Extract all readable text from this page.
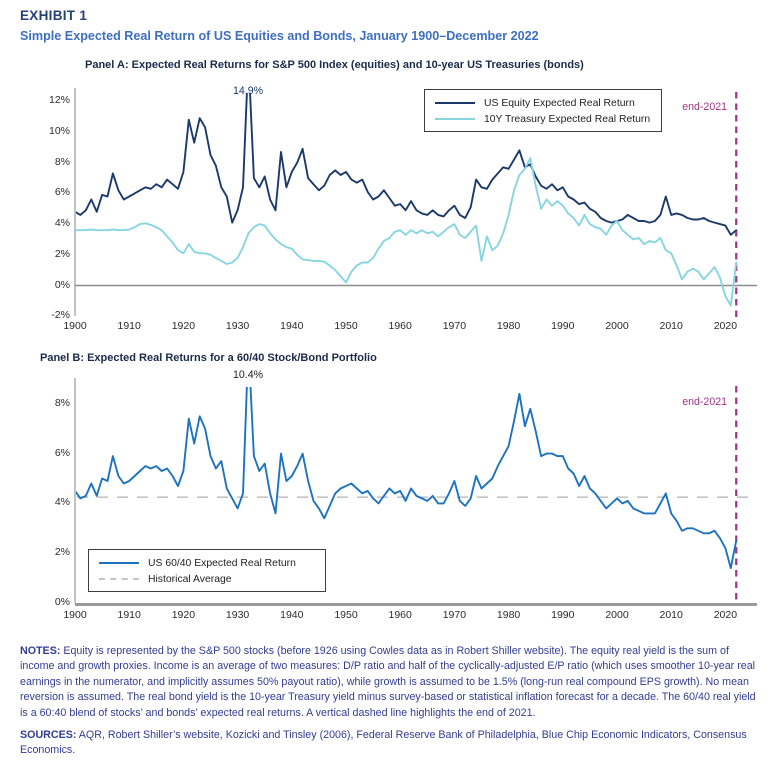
EXHIBIT 1
Simple Expected Real Return of US Equities and Bonds, January 1900–December 2022
Panel A: Expected Real Returns for S&P 500 Index (equities) and 10-year US Treasuries (bonds)
Panel B: Expected Real Returns for a 60/40 Stock/Bond Portfolio
12%
10%
8%
6%
4%
2%
0%
-2%
1900	1910	1920	1930	1940	1950	1960	1970	1980	1990	2000	2010	2020
8%
6%
4%
2%
0%
1900	1910	1920	1930	1940	1950	1960	1970	1980	1990	2000	2010	2020
14.9%
10.4%
end-2021
end-2021
US Equity Expected Real Return
10Y Treasury Expected Real Return
US 60/40 Expected Real Return
Historical Average
NOTES: Equity is represented by the S&P 500 stocks (before 1926 using Cowles data as in Robert Shiller website). The equity real yield is the sum of income and growth proxies. Income is an average of two measures: D/P ratio and half of the cyclically-adjusted E/P ratio (which uses smoother 10-year real earnings in the numerator, and implicitly assumes 50% payout ratio), while growth is assumed to be 1.5% (long-run real compound EPS growth). No mean reversion is assumed. The real bond yield is the 10-year Treasury yield minus survey-based or statistical inflation forecast for a decade. The 60/40 real yield is a 60:40 blend of stocks’ and bonds’ expected real returns. A vertical dashed line highlights the end of 2021.
SOURCES: AQR, Robert Shiller’s website, Kozicki and Tinsley (2006), Federal Reserve Bank of Philadelphia, Blue Chip Economic Indicators, Consensus Economics.
